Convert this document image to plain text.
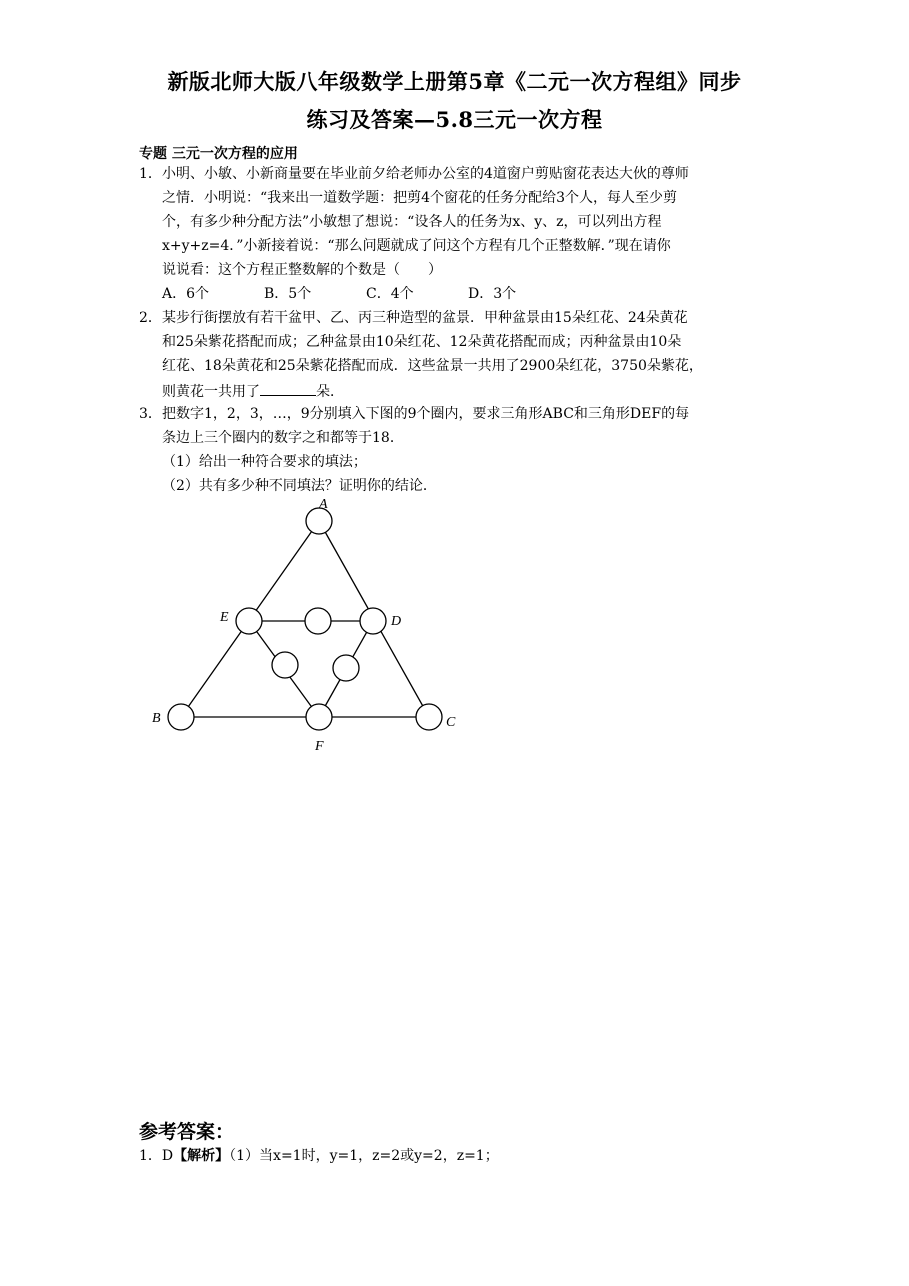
新版北师大版八年级数学上册第5章《二元一次方程组》同步
练习及答案—5.8三元一次方程
专题 三元一次方程的应用
1． 小明、小敏、小新商量要在毕业前夕给老师办公室的4道窗户剪贴窗花表达大伙的尊师
之情．小明说：“我来出一道数学题：把剪4个窗花的任务分配给3个人，每人至少剪
个，有多少种分配方法”小敏想了想说：“设各人的任务为x、y、z，可以列出方程
x+y+z=4．”小新接着说：“那么问题就成了问这个方程有几个正整数解．”现在请你
说说看：这个方程正整数解的个数是（　　）
A．6个	B．5个	C．4个	D．3个
2． 某步行街摆放有若干盆甲、乙、丙三种造型的盆景．甲种盆景由15朵红花、24朵黄花
和25朵紫花搭配而成；乙种盆景由10朵红花、12朵黄花搭配而成；丙种盆景由10朵
红花、18朵黄花和25朵紫花搭配而成．这些盆景一共用了2900朵红花，3750朵紫花，
则黄花一共用了	朵．
3． 把数字1，2，3，…，9分别填入下图的9个圈内，要求三角形ABC和三角形DEF的每
条边上三个圈内的数字之和都等于18．
（1）给出一种符合要求的填法；
（2）共有多少种不同填法？证明你的结论．
A
E	D
B	C
F
参考答案：
1．D【解析】（1）当x=1时，y=1，z=2或y=2，z=1；
